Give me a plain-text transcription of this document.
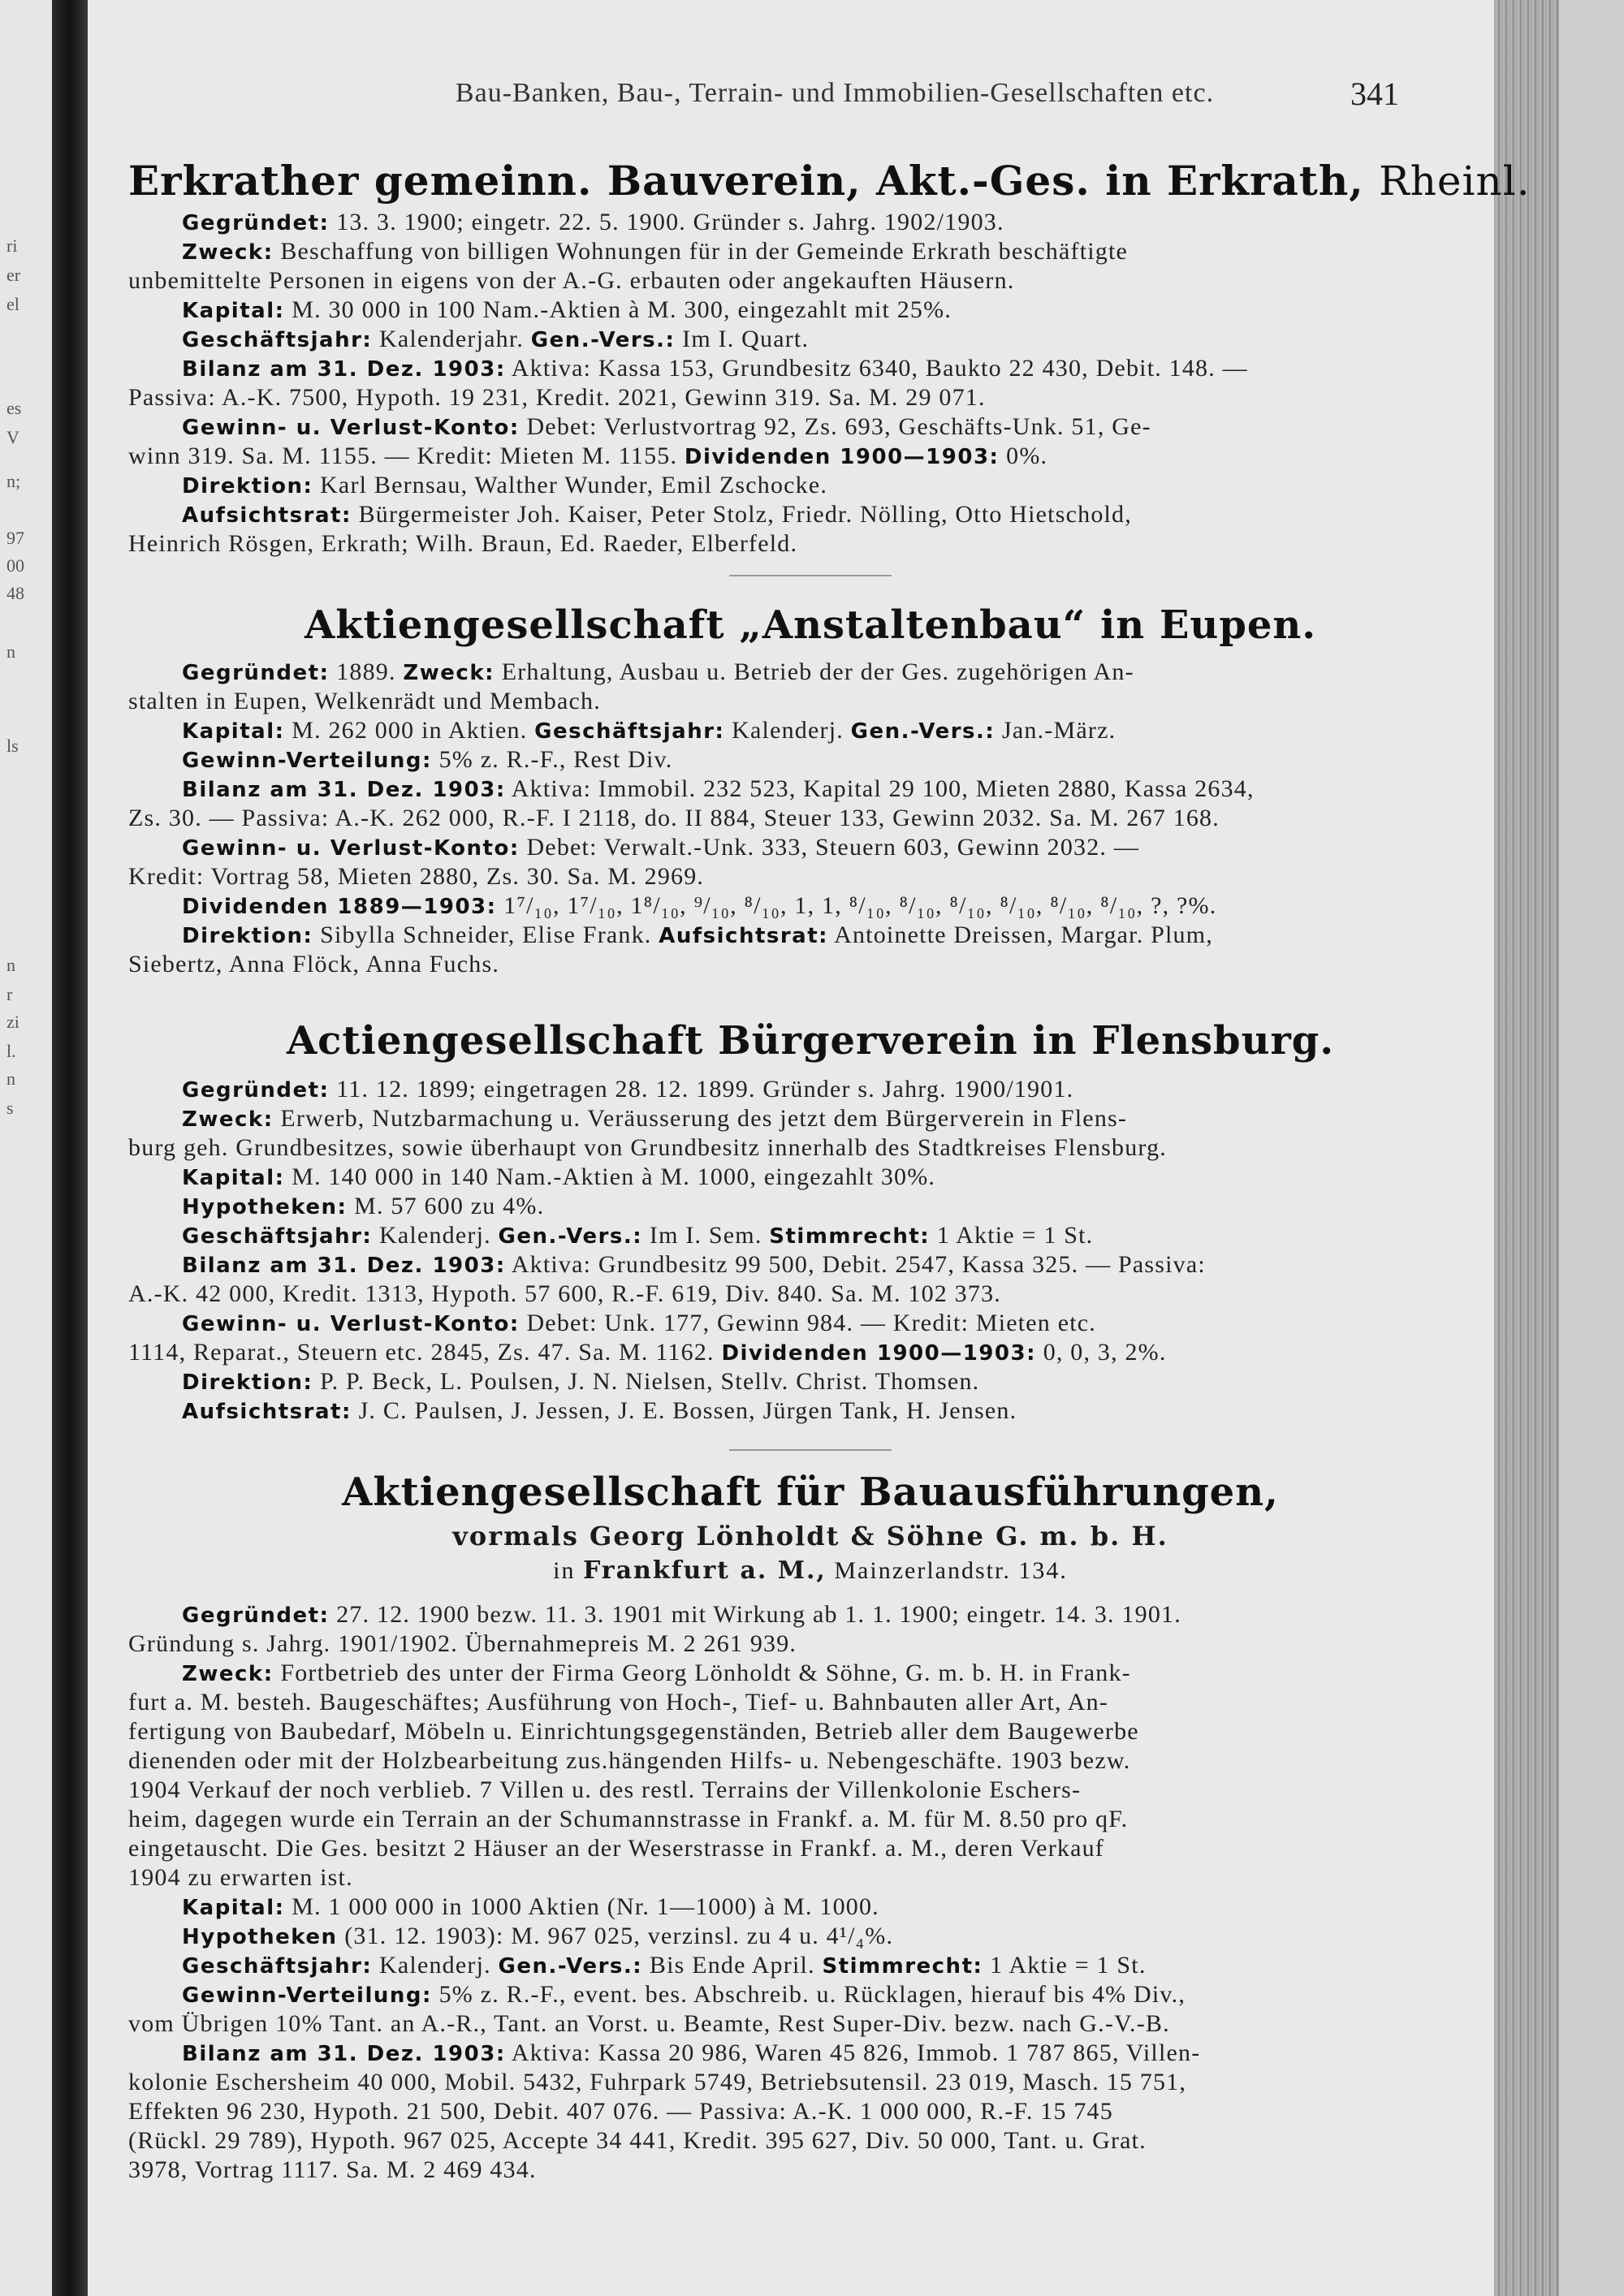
ri
er
el
es
V
n;
97
00
48
n
ls
n
r
zi
l.
n
s
Bau-Banken, Bau-, Terrain- und Immobilien-Gesellschaften etc.	341
Erkrather gemeinn. Bauverein, Akt.-Ges. in Erkrath, Rheinl.
Gegründet: 13. 3. 1900; eingetr. 22. 5. 1900. Gründer s. Jahrg. 1902/1903.
Zweck: Beschaffung von billigen Wohnungen für in der Gemeinde Erkrath beschäftigte
unbemittelte Personen in eigens von der A.-G. erbauten oder angekauften Häusern.
Kapital: M. 30 000 in 100 Nam.-Aktien à M. 300, eingezahlt mit 25%.
Geschäftsjahr: Kalenderjahr. Gen.-Vers.: Im I. Quart.
Bilanz am 31. Dez. 1903: Aktiva: Kassa 153, Grundbesitz 6340, Baukto 22 430, Debit. 148. —
Passiva: A.-K. 7500, Hypoth. 19 231, Kredit. 2021, Gewinn 319. Sa. M. 29 071.
Gewinn- u. Verlust-Konto: Debet: Verlustvortrag 92, Zs. 693, Geschäfts-Unk. 51, Ge-
winn 319. Sa. M. 1155. — Kredit: Mieten M. 1155. Dividenden 1900—1903: 0%.
Direktion: Karl Bernsau, Walther Wunder, Emil Zschocke.
Aufsichtsrat: Bürgermeister Joh. Kaiser, Peter Stolz, Friedr. Nölling, Otto Hietschold,
Heinrich Rösgen, Erkrath; Wilh. Braun, Ed. Raeder, Elberfeld.
Aktiengesellschaft „Anstaltenbau“ in Eupen.
Gegründet: 1889. Zweck: Erhaltung, Ausbau u. Betrieb der der Ges. zugehörigen An-
stalten in Eupen, Welkenrädt und Membach.
Kapital: M. 262 000 in Aktien. Geschäftsjahr: Kalenderj. Gen.-Vers.: Jan.-März.
Gewinn-Verteilung: 5% z. R.-F., Rest Div.
Bilanz am 31. Dez. 1903: Aktiva: Immobil. 232 523, Kapital 29 100, Mieten 2880, Kassa 2634,
Zs. 30. — Passiva: A.-K. 262 000, R.-F. I 2118, do. II 884, Steuer 133, Gewinn 2032. Sa. M. 267 168.
Gewinn- u. Verlust-Konto: Debet: Verwalt.-Unk. 333, Steuern 603, Gewinn 2032. —
Kredit: Vortrag 58, Mieten 2880, Zs. 30. Sa. M. 2969.
Dividenden 1889—1903: 1⁷/₁₀, 1⁷/₁₀, 1⁸/₁₀, ⁹/₁₀, ⁸/₁₀, 1, 1, ⁸/₁₀, ⁸/₁₀, ⁸/₁₀, ⁸/₁₀, ⁸/₁₀, ⁸/₁₀, ?, ?%.
Direktion: Sibylla Schneider, Elise Frank. Aufsichtsrat: Antoinette Dreissen, Margar. Plum,
Siebertz, Anna Flöck, Anna Fuchs.
Actiengesellschaft Bürgerverein in Flensburg.
Gegründet: 11. 12. 1899; eingetragen 28. 12. 1899. Gründer s. Jahrg. 1900/1901.
Zweck: Erwerb, Nutzbarmachung u. Veräusserung des jetzt dem Bürgerverein in Flens-
burg geh. Grundbesitzes, sowie überhaupt von Grundbesitz innerhalb des Stadtkreises Flensburg.
Kapital: M. 140 000 in 140 Nam.-Aktien à M. 1000, eingezahlt 30%.
Hypotheken: M. 57 600 zu 4%.
Geschäftsjahr: Kalenderj. Gen.-Vers.: Im I. Sem. Stimmrecht: 1 Aktie = 1 St.
Bilanz am 31. Dez. 1903: Aktiva: Grundbesitz 99 500, Debit. 2547, Kassa 325. — Passiva:
A.-K. 42 000, Kredit. 1313, Hypoth. 57 600, R.-F. 619, Div. 840. Sa. M. 102 373.
Gewinn- u. Verlust-Konto: Debet: Unk. 177, Gewinn 984. — Kredit: Mieten etc.
1114, Reparat., Steuern etc. 2845, Zs. 47. Sa. M. 1162. Dividenden 1900—1903: 0, 0, 3, 2%.
Direktion: P. P. Beck, L. Poulsen, J. N. Nielsen, Stellv. Christ. Thomsen.
Aufsichtsrat: J. C. Paulsen, J. Jessen, J. E. Bossen, Jürgen Tank, H. Jensen.
Aktiengesellschaft für Bauausführungen,
vormals Georg Lönholdt & Söhne G. m. b. H.
in Frankfurt a. M., Mainzerlandstr. 134.
Gegründet: 27. 12. 1900 bezw. 11. 3. 1901 mit Wirkung ab 1. 1. 1900; eingetr. 14. 3. 1901.
Gründung s. Jahrg. 1901/1902. Übernahmepreis M. 2 261 939.
Zweck: Fortbetrieb des unter der Firma Georg Lönholdt & Söhne, G. m. b. H. in Frank-
furt a. M. besteh. Baugeschäftes; Ausführung von Hoch-, Tief- u. Bahnbauten aller Art, An-
fertigung von Baubedarf, Möbeln u. Einrichtungsgegenständen, Betrieb aller dem Baugewerbe
dienenden oder mit der Holzbearbeitung zus.hängenden Hilfs- u. Nebengeschäfte. 1903 bezw.
1904 Verkauf der noch verblieb. 7 Villen u. des restl. Terrains der Villenkolonie Eschers-
heim, dagegen wurde ein Terrain an der Schumannstrasse in Frankf. a. M. für M. 8.50 pro qF.
eingetauscht. Die Ges. besitzt 2 Häuser an der Weserstrasse in Frankf. a. M., deren Verkauf
1904 zu erwarten ist.
Kapital: M. 1 000 000 in 1000 Aktien (Nr. 1—1000) à M. 1000.
Hypotheken (31. 12. 1903): M. 967 025, verzinsl. zu 4 u. 4¹/₄%.
Geschäftsjahr: Kalenderj. Gen.-Vers.: Bis Ende April. Stimmrecht: 1 Aktie = 1 St.
Gewinn-Verteilung: 5% z. R.-F., event. bes. Abschreib. u. Rücklagen, hierauf bis 4% Div.,
vom Übrigen 10% Tant. an A.-R., Tant. an Vorst. u. Beamte, Rest Super-Div. bezw. nach G.-V.-B.
Bilanz am 31. Dez. 1903: Aktiva: Kassa 20 986, Waren 45 826, Immob. 1 787 865, Villen-
kolonie Eschersheim 40 000, Mobil. 5432, Fuhrpark 5749, Betriebsutensil. 23 019, Masch. 15 751,
Effekten 96 230, Hypoth. 21 500, Debit. 407 076. — Passiva: A.-K. 1 000 000, R.-F. 15 745
(Rückl. 29 789), Hypoth. 967 025, Accepte 34 441, Kredit. 395 627, Div. 50 000, Tant. u. Grat.
3978, Vortrag 1117. Sa. M. 2 469 434.
